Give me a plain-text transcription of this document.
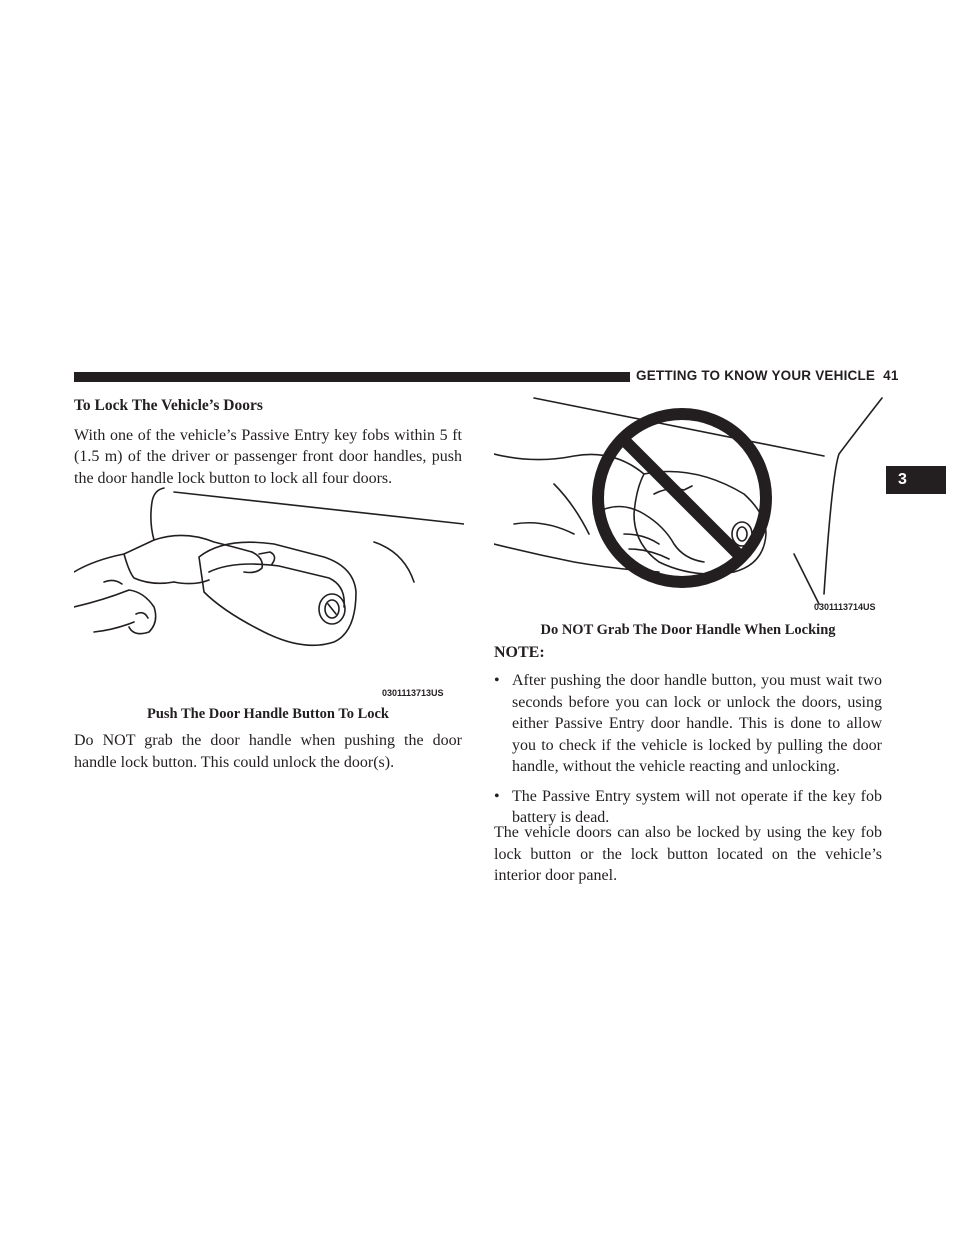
GETTING TO KNOW YOUR VEHICLE 41
3
To Lock The Vehicle’s Doors

With one of the vehicle’s Passive Entry key fobs within 5 ft (1.5 m) of the driver or passenger front door handles, push the door handle lock button to lock all four doors.

0301113713US
Push The Door Handle Button To Lock
Do NOT grab the door handle when pushing the door handle lock button. This could unlock the door(s).
0301113714US
Do NOT Grab The Door Handle When Locking
NOTE:
• After pushing the door handle button, you must wait two seconds before you can lock or unlock the doors, using either Passive Entry door handle. This is done to allow you to check if the vehicle is locked by pulling the door handle, without the vehicle reacting and unlocking.
• The Passive Entry system will not operate if the key fob battery is dead.
The vehicle doors can also be locked by using the key fob lock button or the lock button located on the vehicle’s interior door panel.
